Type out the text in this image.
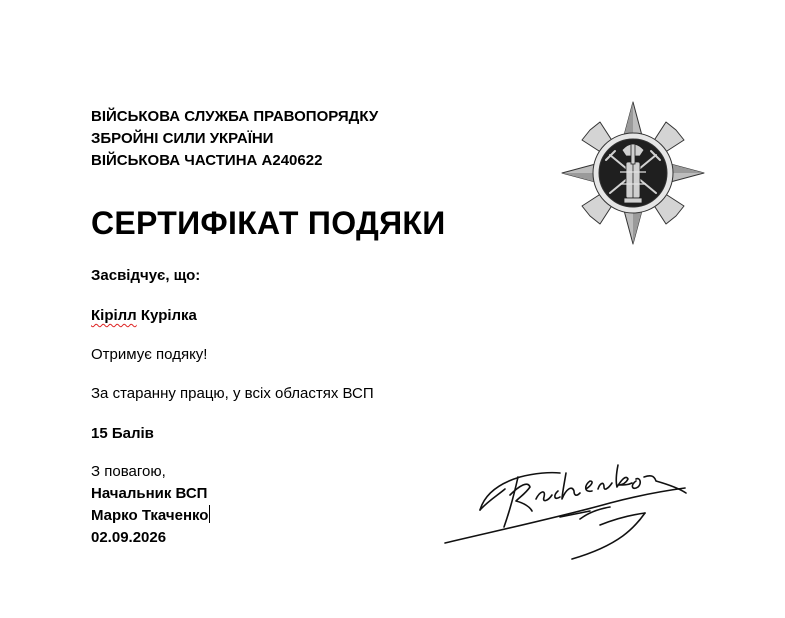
ВІЙСЬКОВА СЛУЖБА ПРАВОПОРЯДКУ
ЗБРОЙНІ СИЛИ УКРАЇНИ
ВІЙСЬКОВА ЧАСТИНА А240622
СЕРТИФІКАТ ПОДЯКИ
Засвідчує, що:
Кірілл Курілка
Отримує подяку!
За старанну працю, у всіх областях ВСП
15 Балів
З повагою,
Начальник ВСП
Марко Ткаченко
02.09.2026
